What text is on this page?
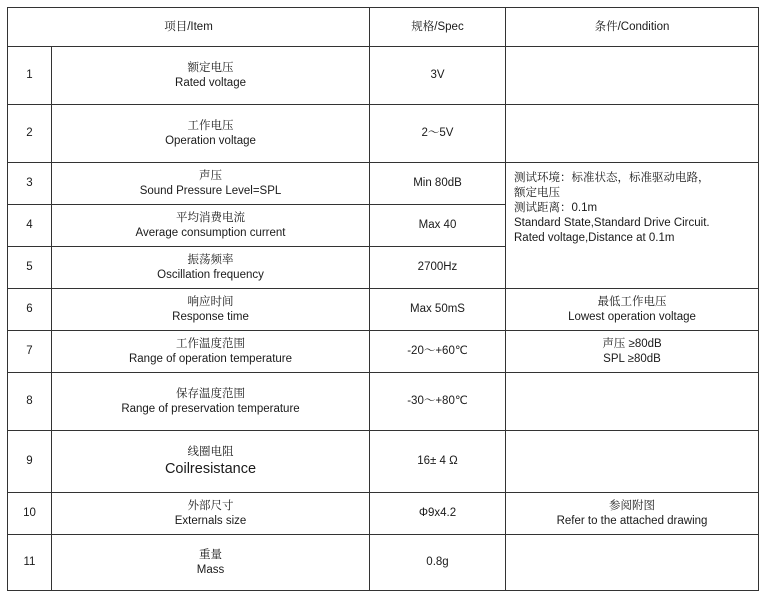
项目/Item		规格/Spec	条件/Condition
1	额定电压
Rated voltage	3V	
2	工作电压
Operation voltage	2～5V	
3	声压
Sound Pressure Level=SPL	Min 80dB	测试环境：标准状态，标准驱动电路，
额定电压
测试距离：0.1m
Standard State,Standard Drive Circuit.
Rated voltage,Distance at 0.1m

4	平均消费电流
Average consumption current	Max 40	
5	振荡频率
Oscillation frequency	2700Hz	
6	响应时间
Response time	Max 50mS	最低工作电压
Lowest operation voltage

7	工作温度范围
Range of operation temperature	-20～+60℃	声压 ≥80dB
SPL ≥80dB

8	保存温度范围
Range of preservation temperature	-30～+80℃	
9	线圈电阻
Coilresistance	16± 4 Ω	
10	外部尺寸
Externals size	Φ9x4.2	参阅附图
Refer to the attached drawing

11	重量
Mass	0.8g	
